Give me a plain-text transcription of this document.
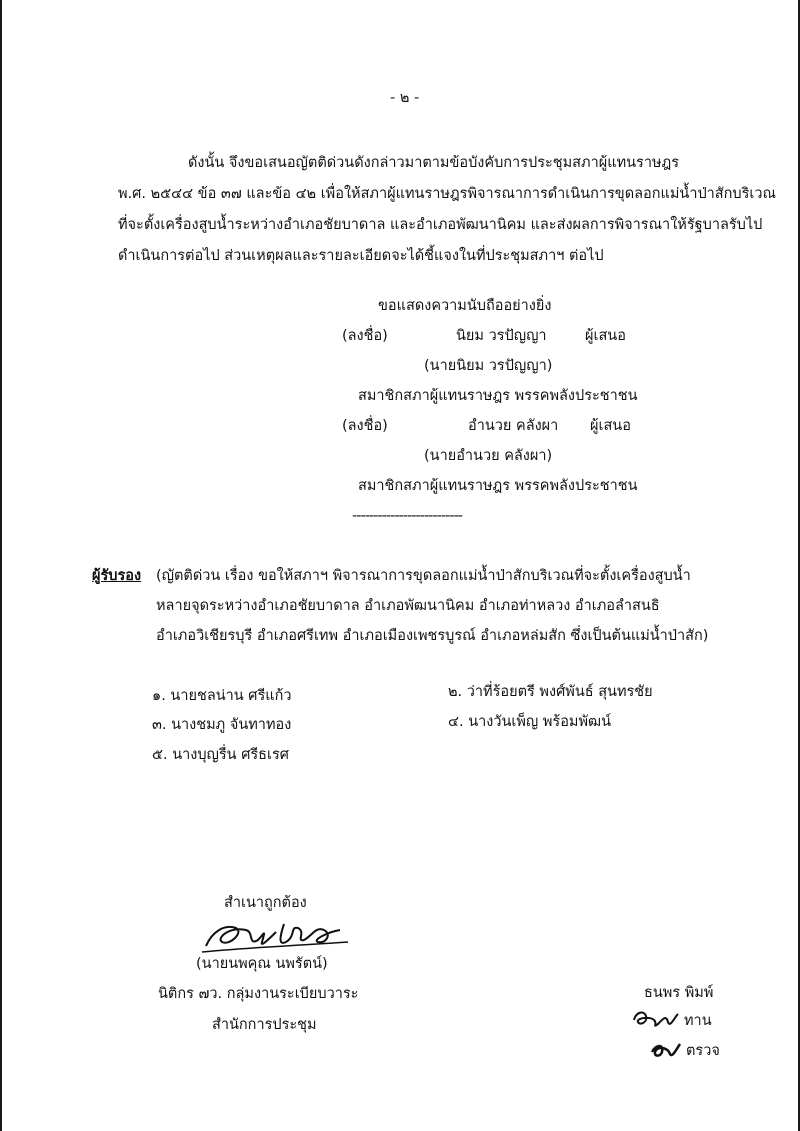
- ๒ -
ดังนั้น จึงขอเสนอญัตติด่วนดังกล่าวมาตามข้อบังคับการประชุมสภาผู้แทนราษฎร
พ.ศ. ๒๕๔๔ ข้อ ๓๗ และข้อ ๔๒ เพื่อให้สภาผู้แทนราษฎรพิจารณาการดำเนินการขุดลอกแม่น้ำป่าสักบริเวณ
ที่จะตั้งเครื่องสูบน้ำระหว่างอำเภอชัยบาดาล และอำเภอพัฒนานิคม และส่งผลการพิจารณาให้รัฐบาลรับไป
ดำเนินการต่อไป ส่วนเหตุผลและรายละเอียดจะได้ชี้แจงในที่ประชุมสภาฯ ต่อไป
ขอแสดงความนับถืออย่างยิ่ง
(ลงชื่อ)	นิยม วรปัญญา	ผู้เสนอ
(นายนิยม วรปัญญา)
สมาชิกสภาผู้แทนราษฎร พรรคพลังประชาชน
(ลงชื่อ)	อำนวย คลังผา ผู้เสนอ
(นายอำนวย คลังผา)
สมาชิกสภาผู้แทนราษฎร พรรคพลังประชาชน
--------------------------
ผู้รับรอง (ญัตติด่วน เรื่อง ขอให้สภาฯ พิจารณาการขุดลอกแม่น้ำป่าสักบริเวณที่จะตั้งเครื่องสูบน้ำ
หลายจุดระหว่างอำเภอชัยบาดาล อำเภอพัฒนานิคม อำเภอท่าหลวง อำเภอลำสนธิ
อำเภอวิเชียรบุรี อำเภอศรีเทพ อำเภอเมืองเพชรบูรณ์ อำเภอหล่มสัก ซึ่งเป็นต้นแม่น้ำป่าสัก)
๑. นายชลน่าน ศรีแก้ว	๒. ว่าที่ร้อยตรี พงศ์พันธ์ สุนทรชัย
๓. นางชมภู จันทาทอง	๔. นางวันเพ็ญ พร้อมพัฒน์
๕. นางบุญรื่น ศรีธเรศ
สำเนาถูกต้อง
(นายนพคุณ นพรัตน์)
นิติกร ๗ว. กลุ่มงานระเบียบวาระ
สำนักการประชุม
ธนพร พิมพ์
ทาน
ตรวจ
